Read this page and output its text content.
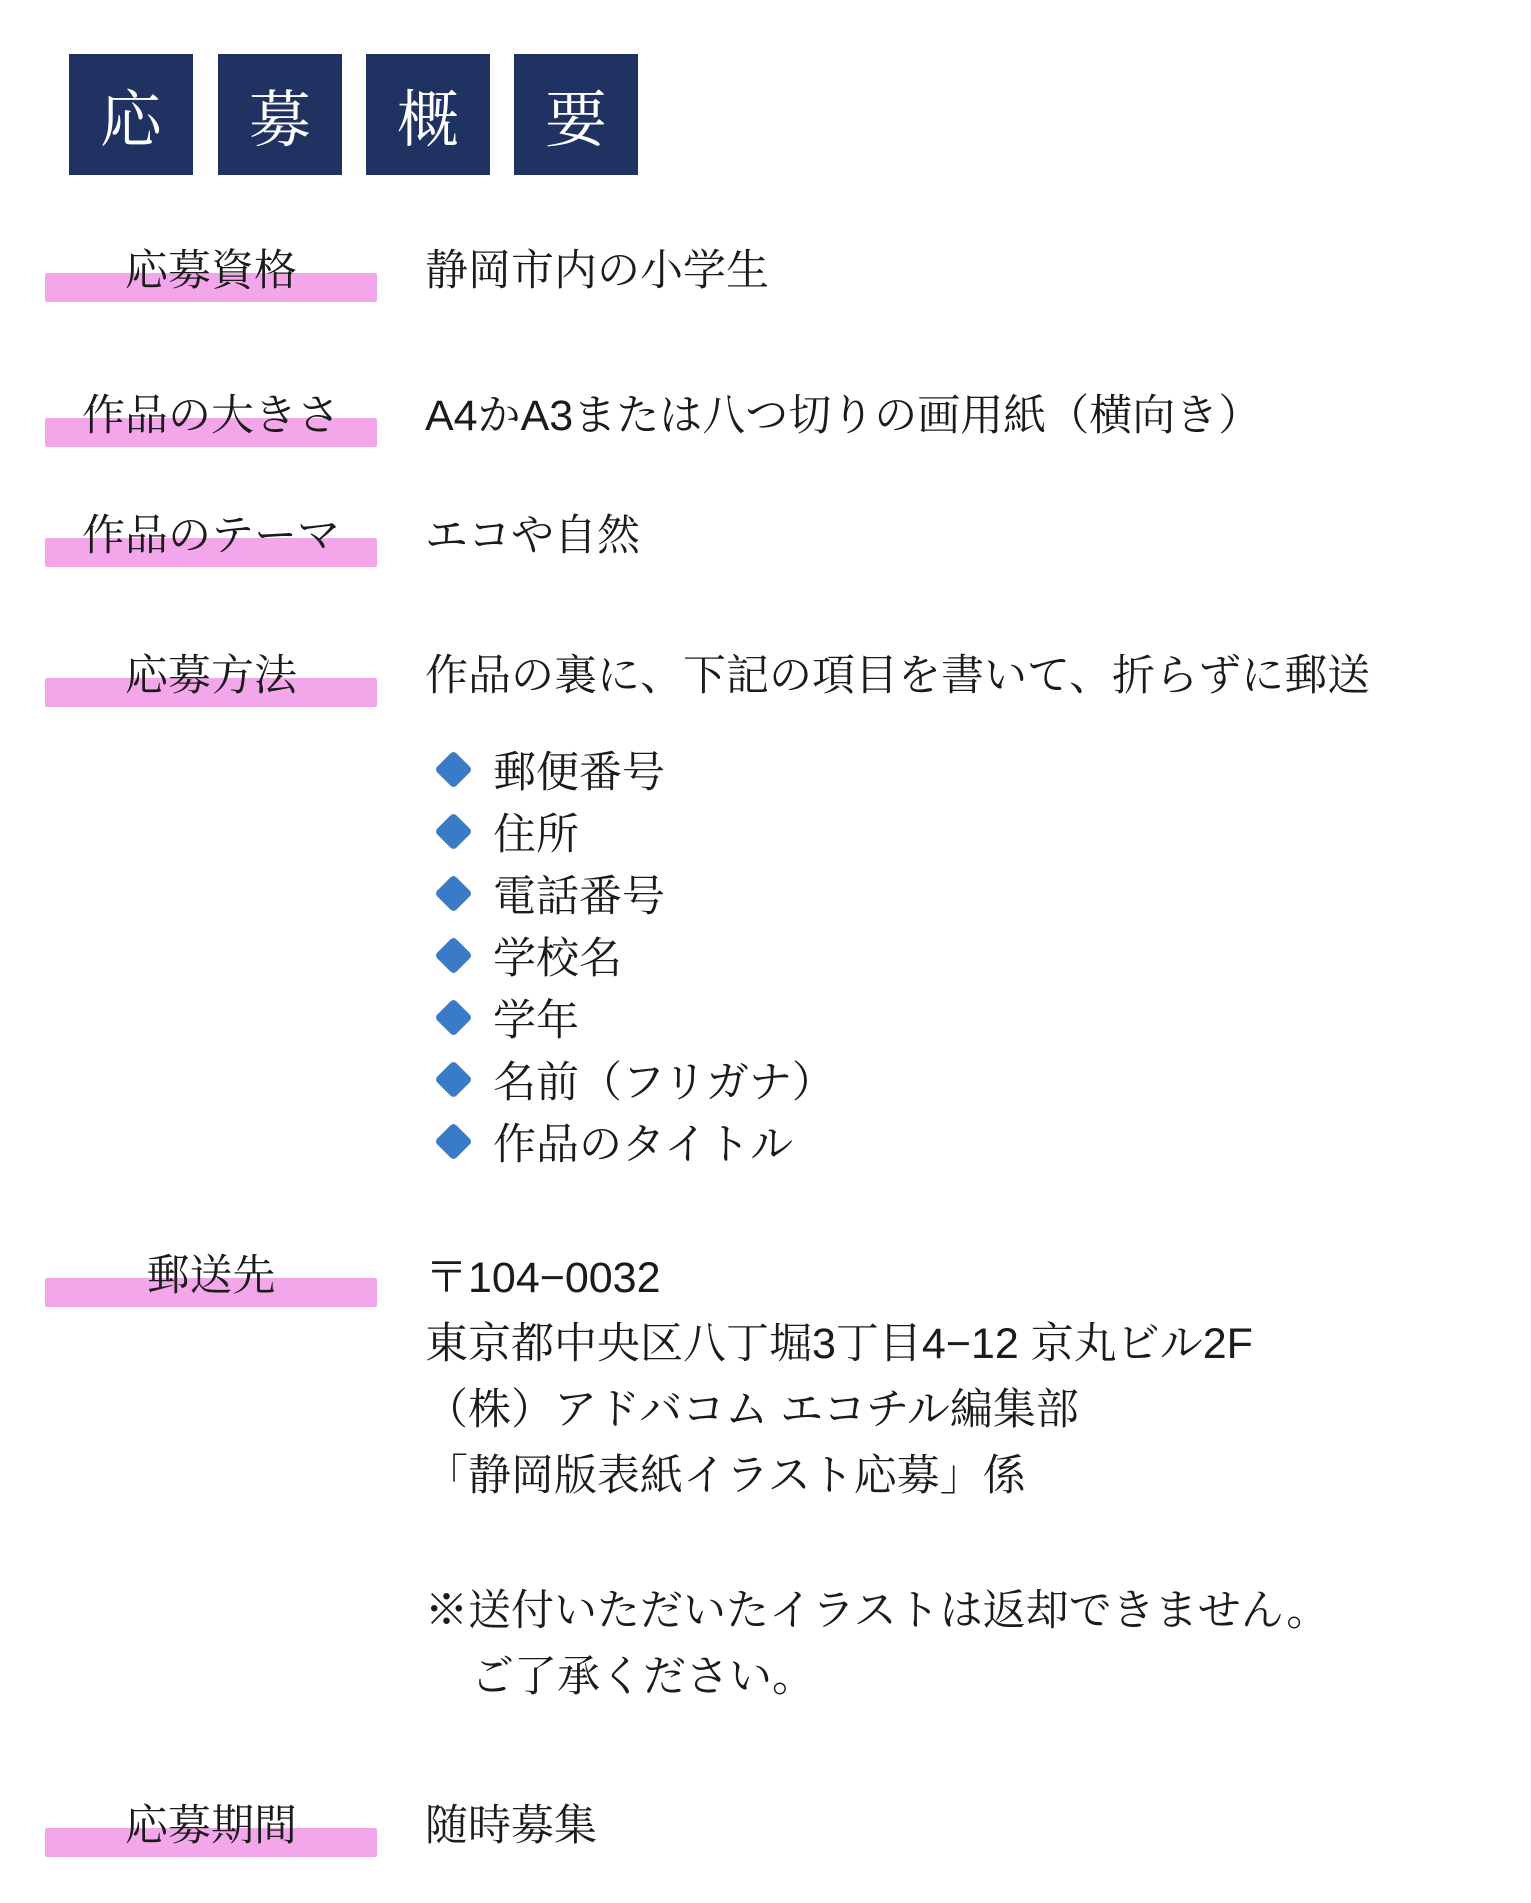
応 募 概 要
応募資格	静岡市内の小学生
作品の大きさ	A4かA3または八つ切りの画用紙（横向き）
作品のテーマ	エコや自然
応募方法	作品の裏に、下記の項目を書いて、折らずに郵送
郵便番号
住所
電話番号
学校名
学年
名前（フリガナ）
作品のタイトル
郵送先	〒104−0032
東京都中央区八丁堀3丁目4−12 京丸ビル2F
（株）アドバコム エコチル編集部
「静岡版表紙イラスト応募」係
※送付いただいたイラストは返却できません。
ご了承ください。
応募期間	随時募集
